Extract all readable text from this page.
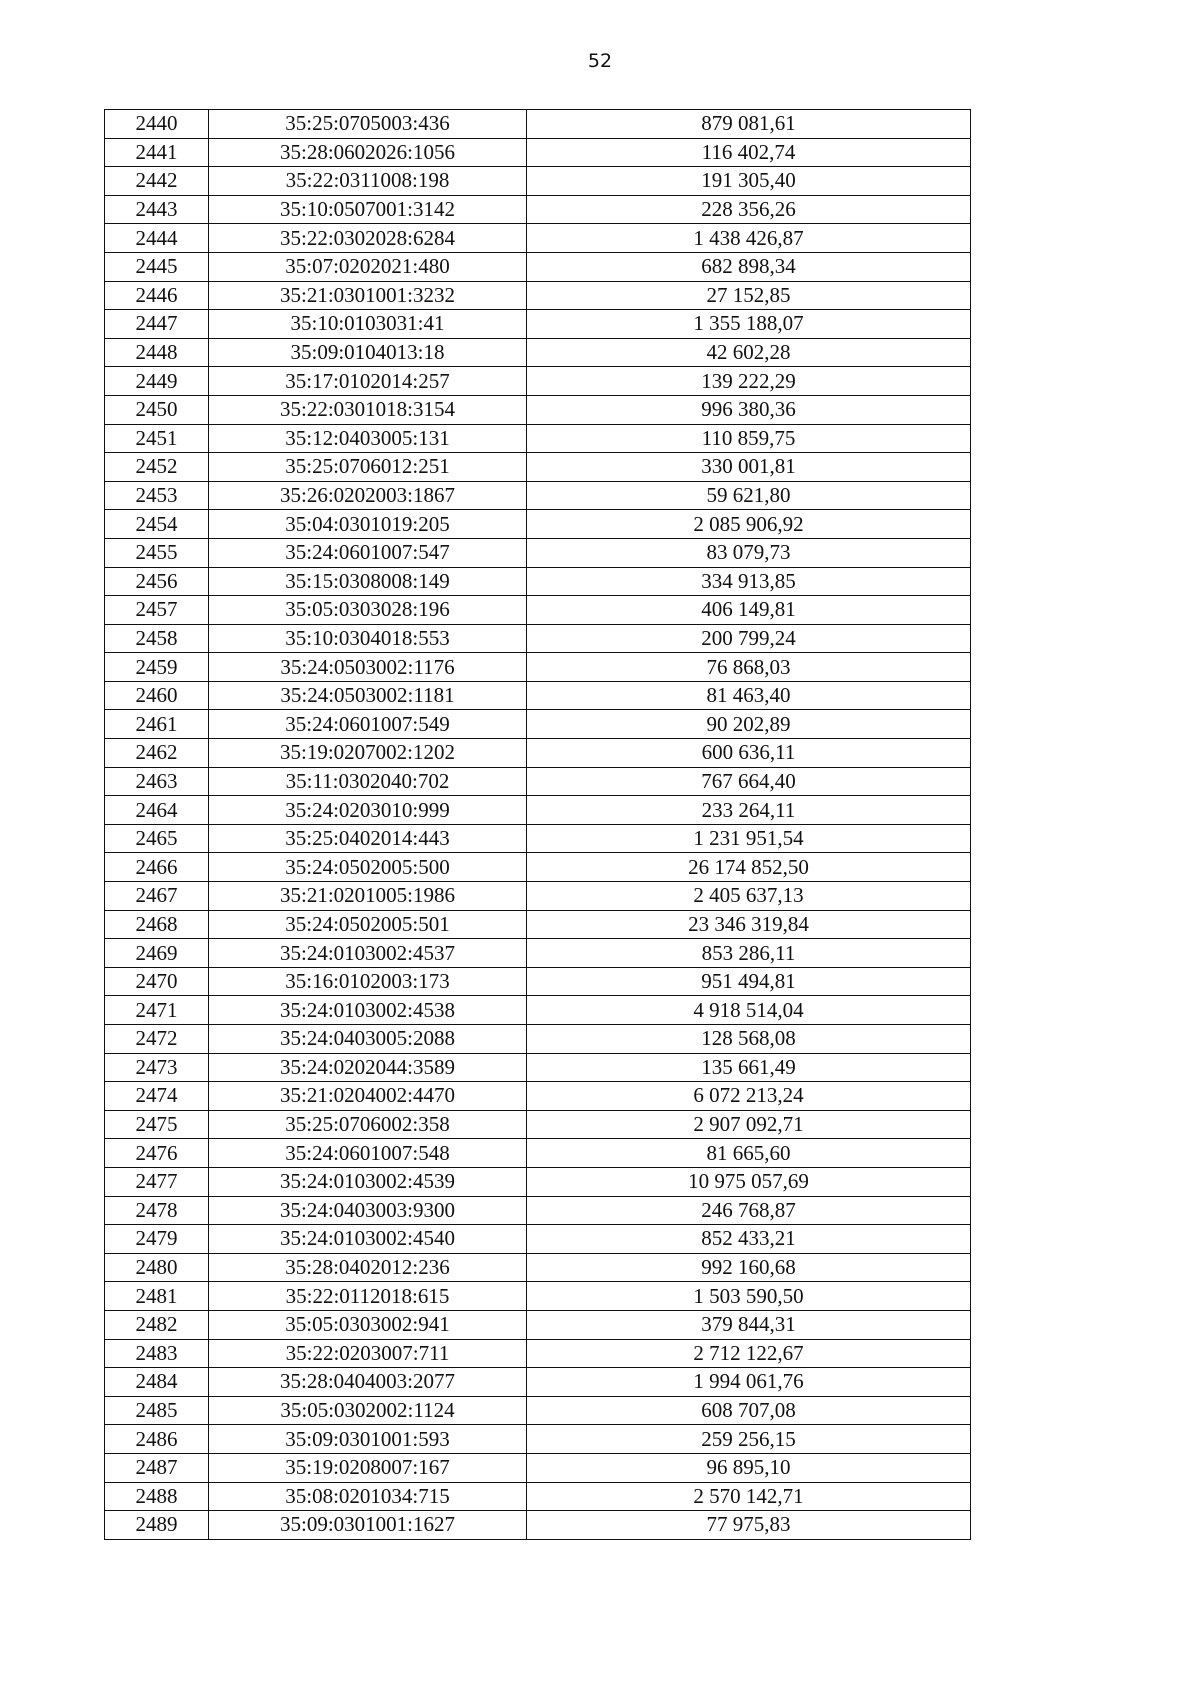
52
2440	35:25:0705003:436	879 081,61
2441	35:28:0602026:1056	116 402,74
2442	35:22:0311008:198	191 305,40
2443	35:10:0507001:3142	228 356,26
2444	35:22:0302028:6284	1 438 426,87
2445	35:07:0202021:480	682 898,34
2446	35:21:0301001:3232	27 152,85
2447	35:10:0103031:41	1 355 188,07
2448	35:09:0104013:18	42 602,28
2449	35:17:0102014:257	139 222,29
2450	35:22:0301018:3154	996 380,36
2451	35:12:0403005:131	110 859,75
2452	35:25:0706012:251	330 001,81
2453	35:26:0202003:1867	59 621,80
2454	35:04:0301019:205	2 085 906,92
2455	35:24:0601007:547	83 079,73
2456	35:15:0308008:149	334 913,85
2457	35:05:0303028:196	406 149,81
2458	35:10:0304018:553	200 799,24
2459	35:24:0503002:1176	76 868,03
2460	35:24:0503002:1181	81 463,40
2461	35:24:0601007:549	90 202,89
2462	35:19:0207002:1202	600 636,11
2463	35:11:0302040:702	767 664,40
2464	35:24:0203010:999	233 264,11
2465	35:25:0402014:443	1 231 951,54
2466	35:24:0502005:500	26 174 852,50
2467	35:21:0201005:1986	2 405 637,13
2468	35:24:0502005:501	23 346 319,84
2469	35:24:0103002:4537	853 286,11
2470	35:16:0102003:173	951 494,81
2471	35:24:0103002:4538	4 918 514,04
2472	35:24:0403005:2088	128 568,08
2473	35:24:0202044:3589	135 661,49
2474	35:21:0204002:4470	6 072 213,24
2475	35:25:0706002:358	2 907 092,71
2476	35:24:0601007:548	81 665,60
2477	35:24:0103002:4539	10 975 057,69
2478	35:24:0403003:9300	246 768,87
2479	35:24:0103002:4540	852 433,21
2480	35:28:0402012:236	992 160,68
2481	35:22:0112018:615	1 503 590,50
2482	35:05:0303002:941	379 844,31
2483	35:22:0203007:711	2 712 122,67
2484	35:28:0404003:2077	1 994 061,76
2485	35:05:0302002:1124	608 707,08
2486	35:09:0301001:593	259 256,15
2487	35:19:0208007:167	96 895,10
2488	35:08:0201034:715	2 570 142,71
2489	35:09:0301001:1627	77 975,83
